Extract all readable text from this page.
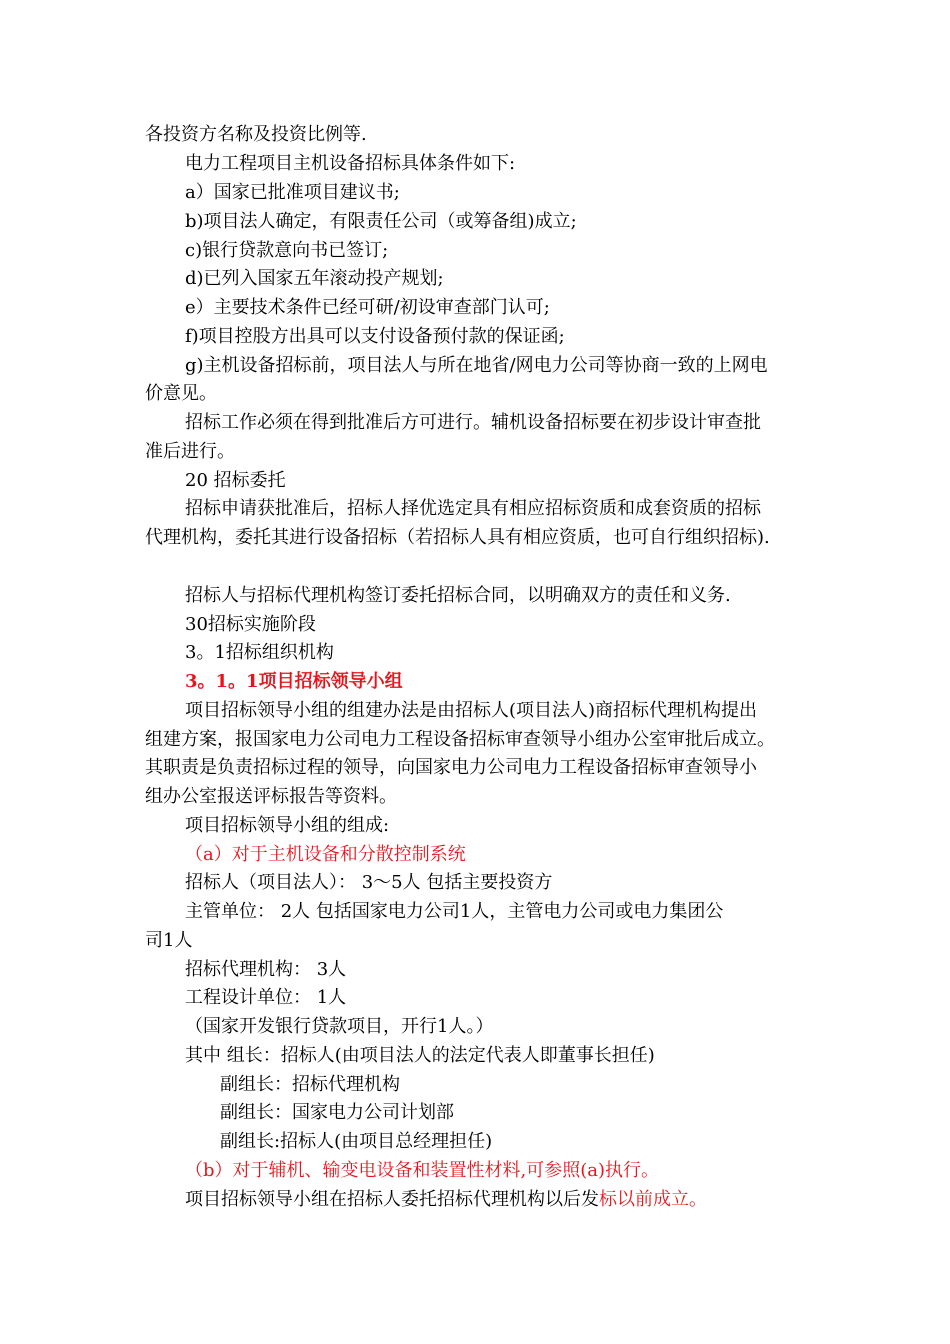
各投资方名称及投资比例等.
电力工程项目主机设备招标具体条件如下:
a）国家已批准项目建议书;
b)项目法人确定，有限责任公司（或筹备组)成立;
c)银行贷款意向书已签订;
d)已列入国家五年滚动投产规划;
e）主要技术条件已经可研/初设审查部门认可;
f)项目控股方出具可以支付设备预付款的保证函;
g)主机设备招标前，项目法人与所在地省/网电力公司等协商一致的上网电
价意见。
招标工作必须在得到批准后方可进行。辅机设备招标要在初步设计审查批
准后进行。
20 招标委托
招标申请获批准后，招标人择优选定具有相应招标资质和成套资质的招标
代理机构，委托其进行设备招标（若招标人具有相应资质，也可自行组织招标).
招标人与招标代理机构签订委托招标合同，以明确双方的责任和义务.
30招标实施阶段
3。1招标组织机构
3。1。1项目招标领导小组
项目招标领导小组的组建办法是由招标人(项目法人)商招标代理机构提出
组建方案，报国家电力公司电力工程设备招标审查领导小组办公室审批后成立。
其职责是负责招标过程的领导，向国家电力公司电力工程设备招标审查领导小
组办公室报送评标报告等资料。
项目招标领导小组的组成:
（a）对于主机设备和分散控制系统
招标人（项目法人）： 3～5人 包括主要投资方
主管单位： 2人 包括国家电力公司1人，主管电力公司或电力集团公
司1人
招标代理机构： 3人
工程设计单位： 1人
（国家开发银行贷款项目，开行1人。）
其中 组长：招标人(由项目法人的法定代表人即董事长担任)
副组长：招标代理机构
副组长：国家电力公司计划部
副组长:招标人(由项目总经理担任)
（b）对于辅机、输变电设备和装置性材料,可参照(a)执行。
项目招标领导小组在招标人委托招标代理机构以后发标以前成立。
